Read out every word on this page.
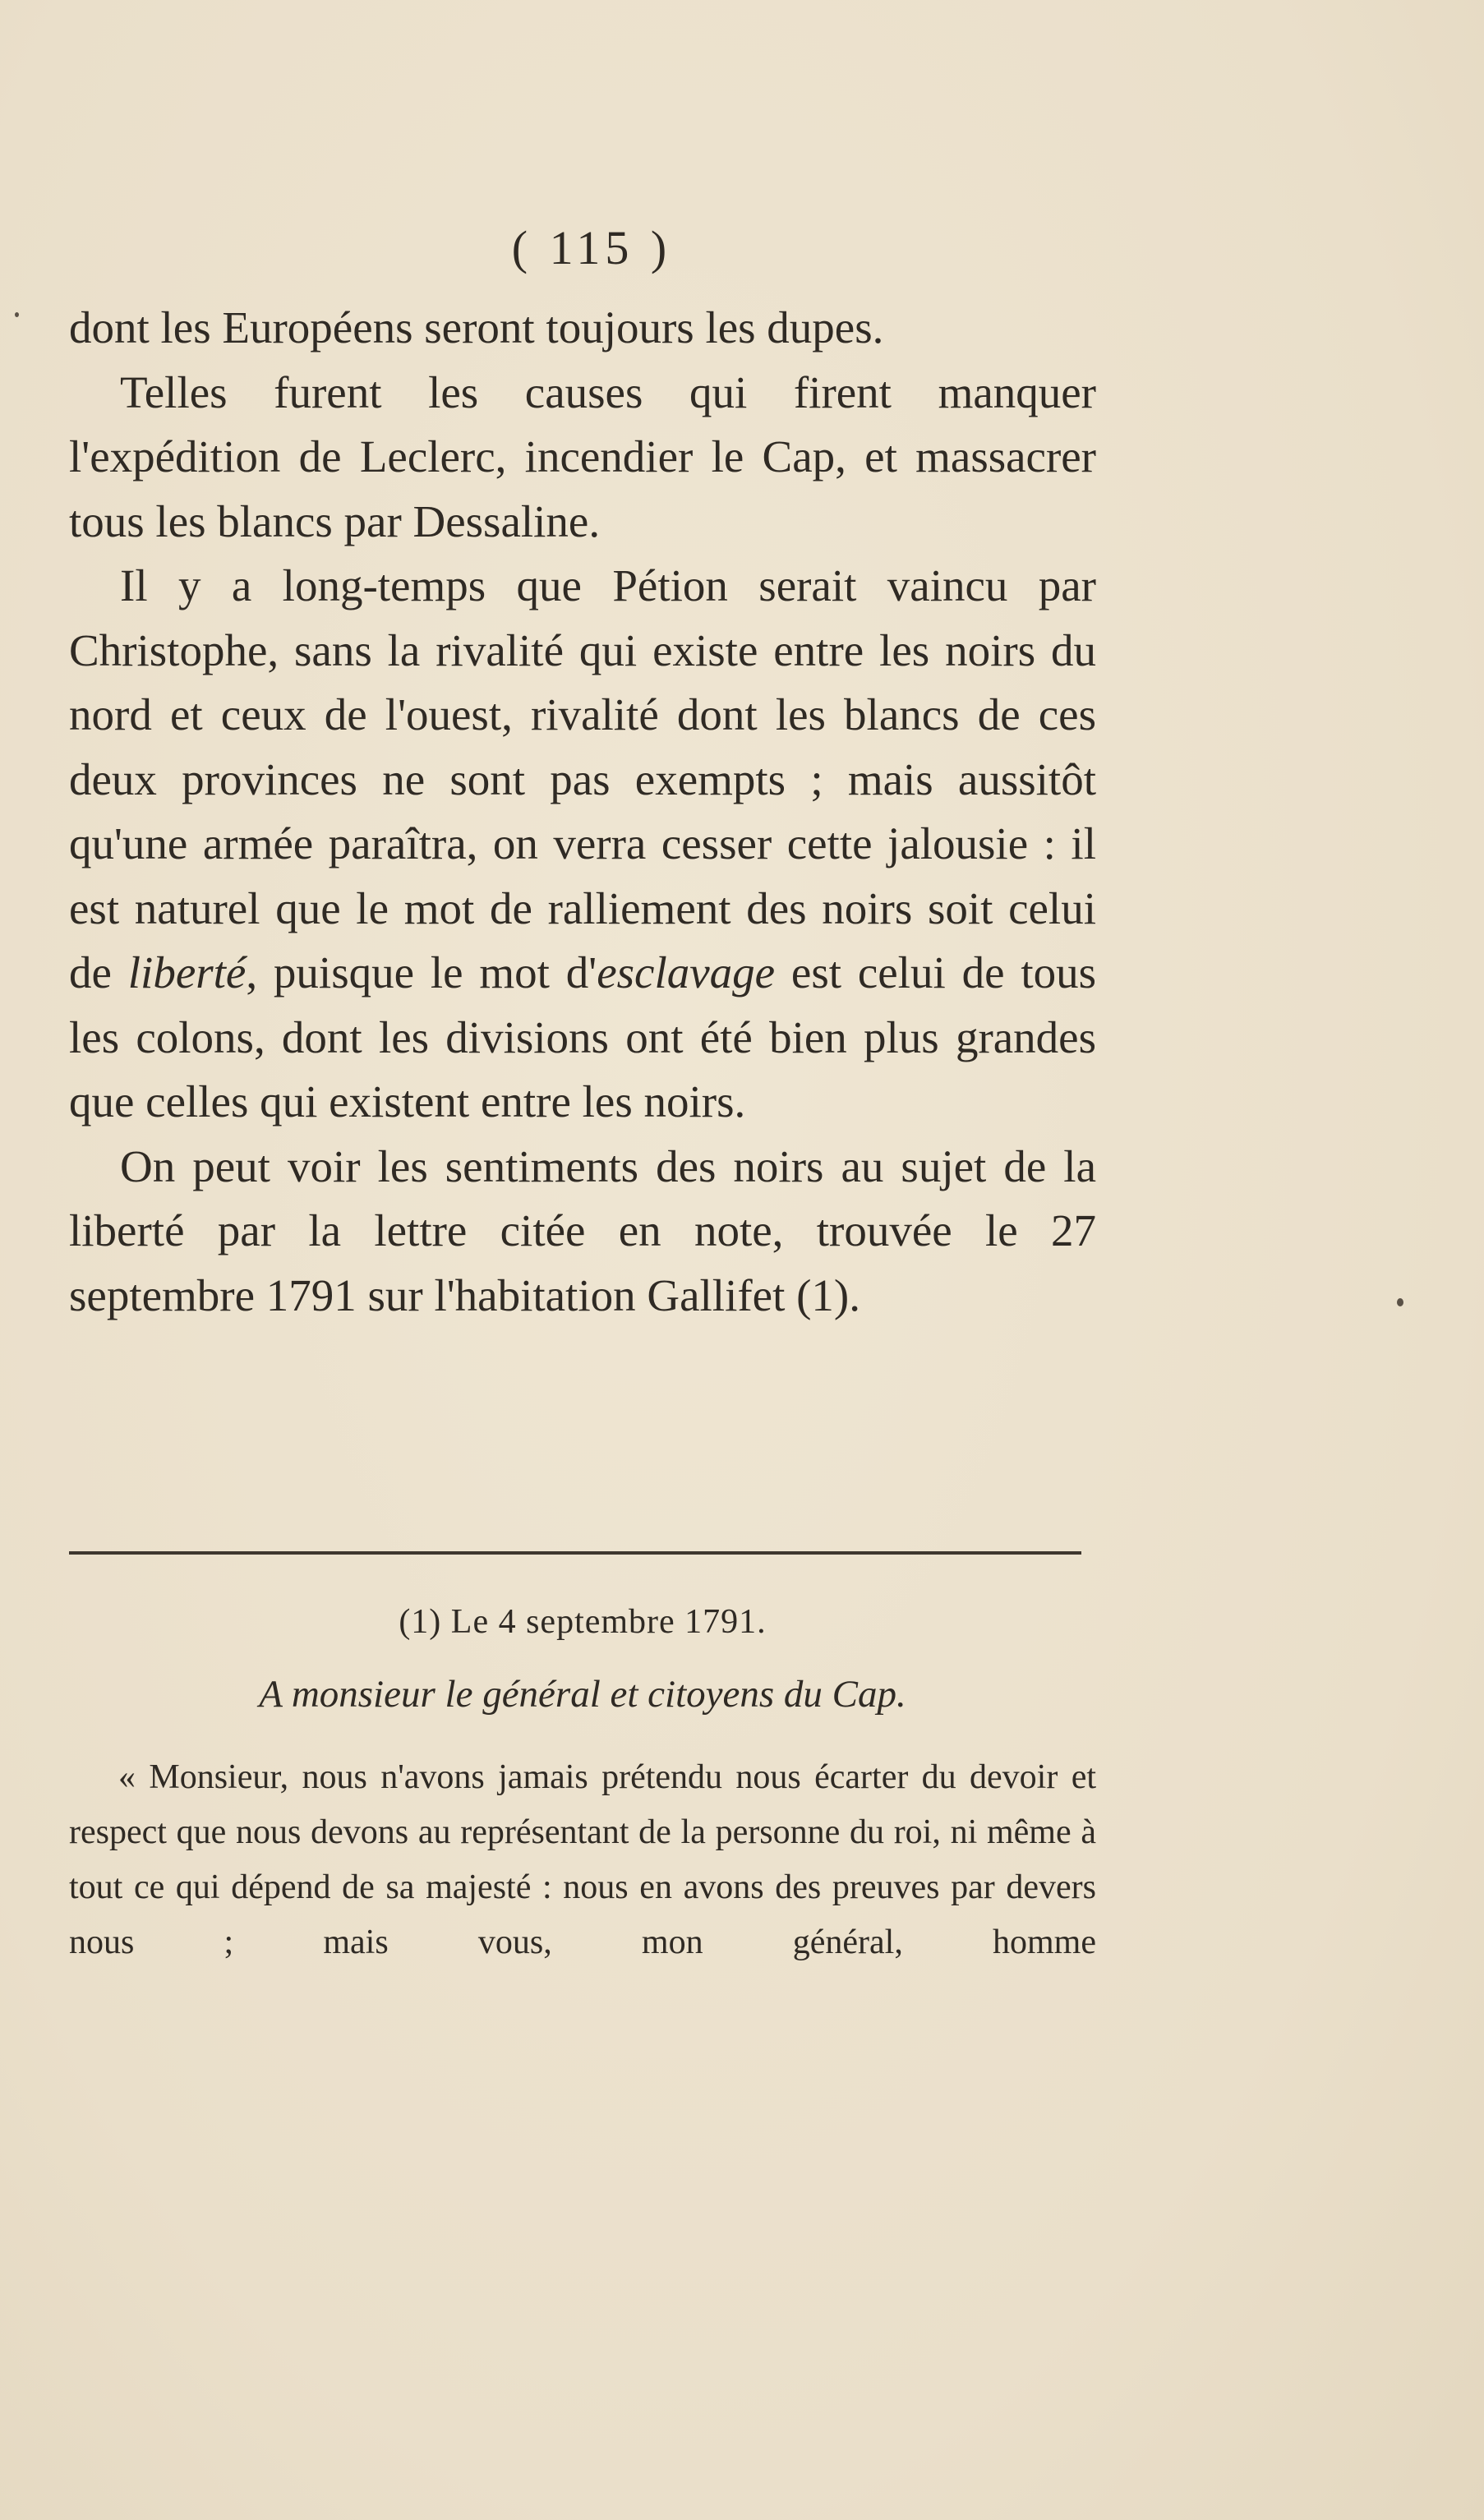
( 115 )

dont les Européens seront toujours les dupes.

Telles furent les causes qui firent manquer l'expédition de Leclerc, incendier le Cap, et massacrer tous les blancs par Dessaline.

Il y a long-temps que Pétion serait vaincu par Christophe, sans la rivalité qui existe entre les noirs du nord et ceux de l'ouest, rivalité dont les blancs de ces deux provinces ne sont pas exempts ; mais aussitôt qu'une armée paraîtra, on verra cesser cette jalousie : il est naturel que le mot de ralliement des noirs soit celui de liberté, puisque le mot d'esclavage est celui de tous les colons, dont les divisions ont été bien plus grandes que celles qui existent entre les noirs.

On peut voir les sentiments des noirs au sujet de la liberté par la lettre citée en note, trouvée le 27 septembre 1791 sur l'habitation Gallifet (1).

(1) Le 4 septembre 1791.
A monsieur le général et citoyens du Cap.
« Monsieur, nous n'avons jamais prétendu nous écarter du devoir et respect que nous devons au représentant de la personne du roi, ni même à tout ce qui dépend de sa majesté : nous en avons des preuves par devers nous ; mais vous, mon général, homme
